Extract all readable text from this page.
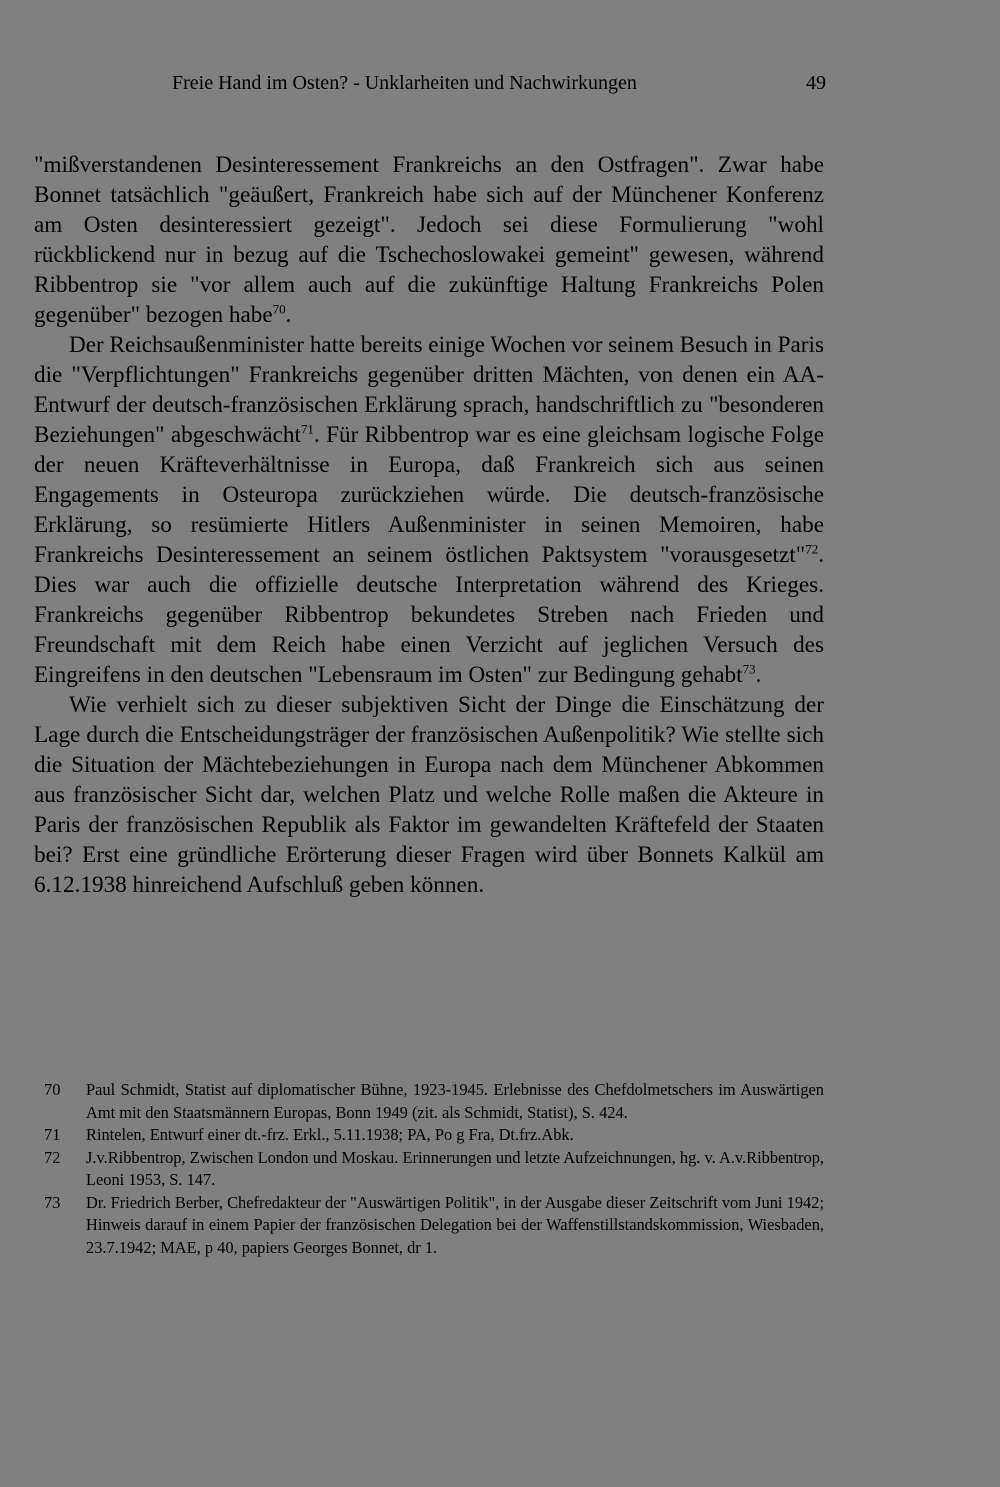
Freie Hand im Osten? - Unklarheiten und Nachwirkungen	49

"mißverstandenen Desinteressement Frankreichs an den Ostfragen". Zwar habe Bonnet tatsächlich "geäußert, Frankreich habe sich auf der Münchener Konferenz am Osten desinteressiert gezeigt". Jedoch sei diese Formulierung "wohl rückblickend nur in bezug auf die Tschechoslowakei gemeint" gewesen, während Ribbentrop sie "vor allem auch auf die zukünftige Haltung Frankreichs Polen gegenüber" bezogen habe$^{70}$.

Der Reichsaußenminister hatte bereits einige Wochen vor seinem Besuch in Paris die "Verpflichtungen" Frankreichs gegenüber dritten Mächten, von denen ein AA-Entwurf der deutsch-französischen Erklärung sprach, handschriftlich zu "besonderen Beziehungen" abgeschwächt$^{71}$. Für Ribbentrop war es eine gleichsam logische Folge der neuen Kräfteverhältnisse in Europa, daß Frankreich sich aus seinen Engagements in Osteuropa zurückziehen würde. Die deutsch-französische Erklärung, so resümierte Hitlers Außenminister in seinen Memoiren, habe Frankreichs Desinteressement an seinem östlichen Paktsystem "vorausgesetzt"$^{72}$. Dies war auch die offizielle deutsche Interpretation während des Krieges. Frankreichs gegenüber Ribbentrop bekundetes Streben nach Frieden und Freundschaft mit dem Reich habe einen Verzicht auf jeglichen Versuch des Eingreifens in den deutschen "Lebensraum im Osten" zur Bedingung gehabt$^{73}$.

Wie verhielt sich zu dieser subjektiven Sicht der Dinge die Einschätzung der Lage durch die Entscheidungsträger der französischen Außenpolitik? Wie stellte sich die Situation der Mächtebeziehungen in Europa nach dem Münchener Abkommen aus französischer Sicht dar, welchen Platz und welche Rolle maßen die Akteure in Paris der französischen Republik als Faktor im gewandelten Kräftefeld der Staaten bei? Erst eine gründliche Erörterung dieser Fragen wird über Bonnets Kalkül am 6.12.1938 hinreichend Aufschluß geben können.

70	Paul Schmidt, Statist auf diplomatischer Bühne, 1923-1945. Erlebnisse des Chefdolmetschers im Auswärtigen Amt mit den Staatsmännern Europas, Bonn 1949 (zit. als Schmidt, Statist), S. 424.
71	Rintelen, Entwurf einer dt.-frz. Erkl., 5.11.1938; PA, Po g Fra, Dt.frz.Abk.
72	J.v.Ribbentrop, Zwischen London und Moskau. Erinnerungen und letzte Aufzeichnungen, hg. v. A.v.Ribbentrop, Leoni 1953, S. 147.
73	Dr. Friedrich Berber, Chefredakteur der "Auswärtigen Politik", in der Ausgabe dieser Zeitschrift vom Juni 1942; Hinweis darauf in einem Papier der französischen Delegation bei der Waffenstillstandskommission, Wiesbaden, 23.7.1942; MAE, p 40, papiers Georges Bonnet, dr 1.
